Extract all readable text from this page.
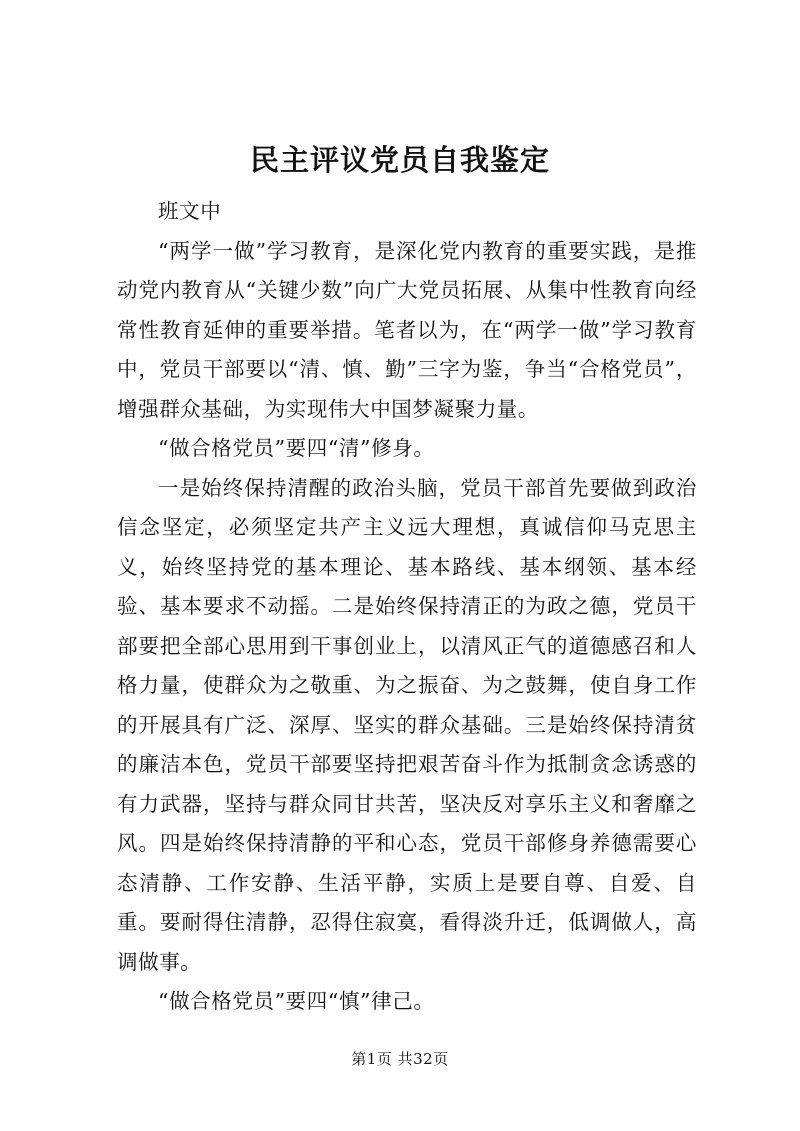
民主评议党员自我鉴定
班文中

“两学一做”学习教育，是深化党内教育的重要实践，是推动党内教育从“关键少数”向广大党员拓展、从集中性教育向经常性教育延伸的重要举措。笔者以为，在“两学一做”学习教育中，党员干部要以“清、慎、勤”三字为鉴，争当“合格党员”，增强群众基础，为实现伟大中国梦凝聚力量。

“做合格党员”要四“清”修身。

一是始终保持清醒的政治头脑，党员干部首先要做到政治信念坚定，必须坚定共产主义远大理想，真诚信仰马克思主义，始终坚持党的基本理论、基本路线、基本纲领、基本经验、基本要求不动摇。二是始终保持清正的为政之德，党员干部要把全部心思用到干事创业上，以清风正气的道德感召和人格力量，使群众为之敬重、为之振奋、为之鼓舞，使自身工作的开展具有广泛、深厚、坚实的群众基础。三是始终保持清贫的廉洁本色，党员干部要坚持把艰苦奋斗作为抵制贪念诱惑的有力武器，坚持与群众同甘共苦，坚决反对享乐主义和奢靡之风。四是始终保持清静的平和心态，党员干部修身养德需要心态清静、工作安静、生活平静，实质上是要自尊、自爱、自重。要耐得住清静，忍得住寂寞，看得淡升迁，低调做人，高调做事。

“做合格党员”要四“慎”律己。

第1页 共32页
